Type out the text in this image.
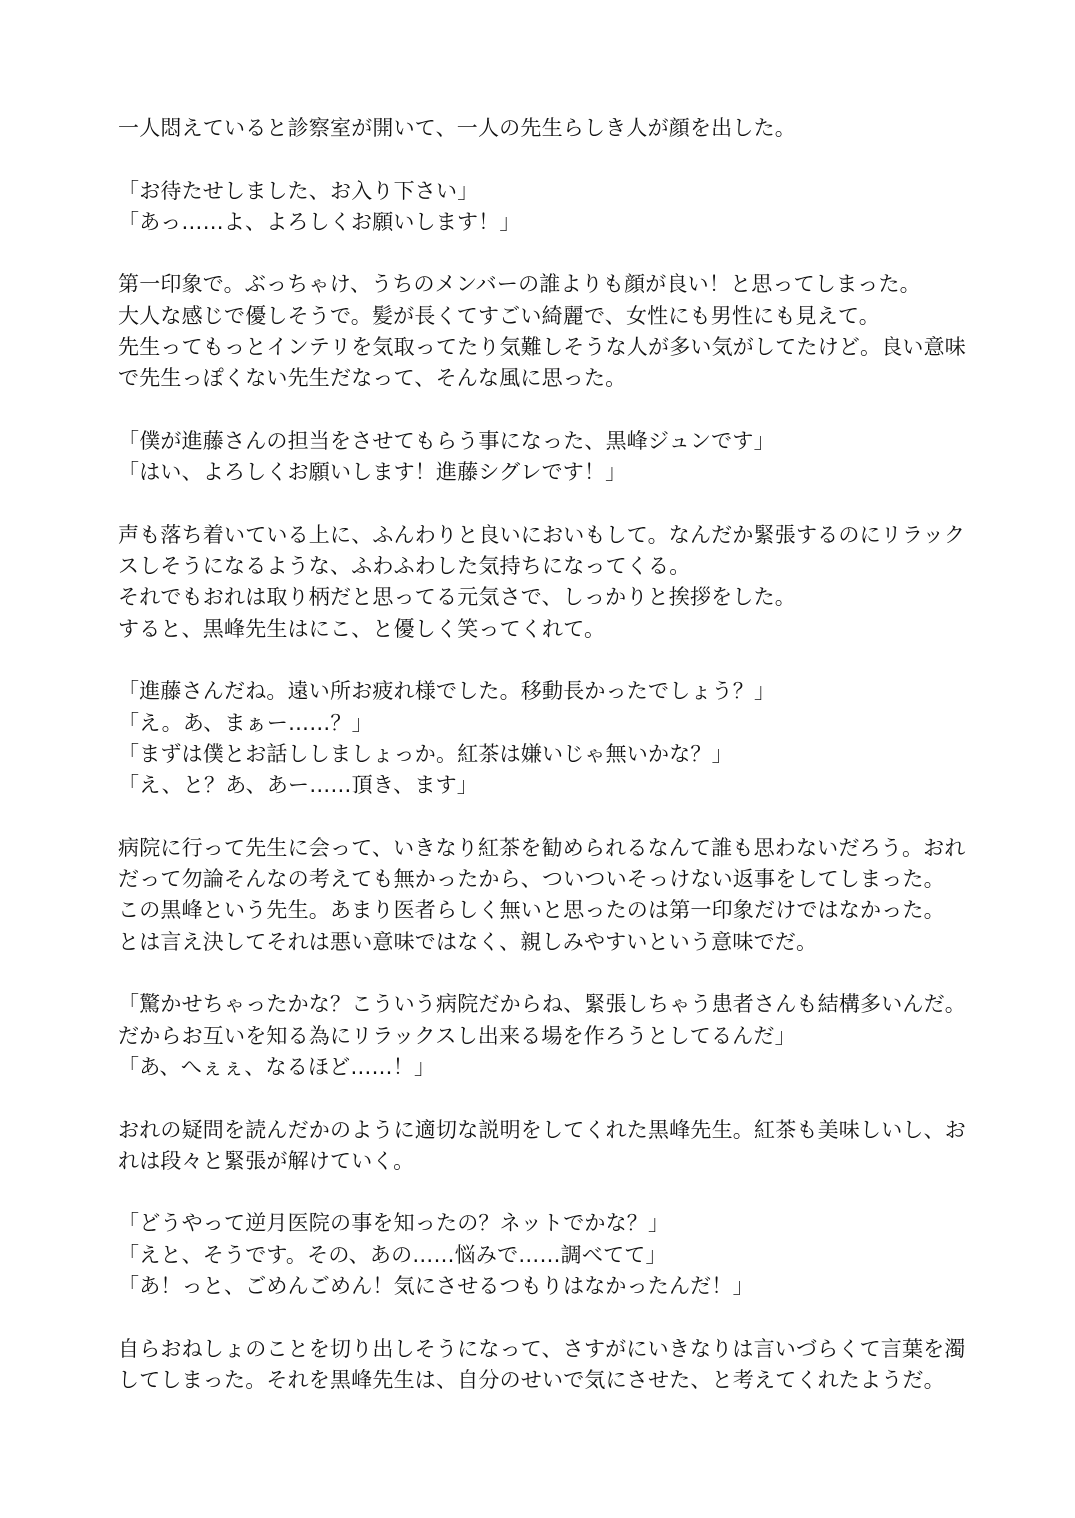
一人悶えていると診察室が開いて、一人の先生らしき人が顔を出した。
「お待たせしました、お入り下さい」
「あっ……よ、よろしくお願いします！」
第一印象で。ぶっちゃけ、うちのメンバーの誰よりも顔が良い！と思ってしまった。
大人な感じで優しそうで。髪が長くてすごい綺麗で、女性にも男性にも見えて。
先生ってもっとインテリを気取ってたり気難しそうな人が多い気がしてたけど。良い意味
で先生っぽくない先生だなって、そんな風に思った。
「僕が進藤さんの担当をさせてもらう事になった、黒峰ジュンです」
「はい、よろしくお願いします！進藤シグレです！」
声も落ち着いている上に、ふんわりと良いにおいもして。なんだか緊張するのにリラック
スしそうになるような、ふわふわした気持ちになってくる。
それでもおれは取り柄だと思ってる元気さで、しっかりと挨拶をした。
すると、黒峰先生はにこ、と優しく笑ってくれて。
「進藤さんだね。遠い所お疲れ様でした。移動長かったでしょう？」
「え。あ、まぁー……？」
「まずは僕とお話ししましょっか。紅茶は嫌いじゃ無いかな？」
「え、と？あ、あー……頂き、ます」
病院に行って先生に会って、いきなり紅茶を勧められるなんて誰も思わないだろう。おれ
だって勿論そんなの考えても無かったから、ついついそっけない返事をしてしまった。
この黒峰という先生。あまり医者らしく無いと思ったのは第一印象だけではなかった。
とは言え決してそれは悪い意味ではなく、親しみやすいという意味でだ。
「驚かせちゃったかな？こういう病院だからね、緊張しちゃう患者さんも結構多いんだ。
だからお互いを知る為にリラックスし出来る場を作ろうとしてるんだ」
「あ、へぇぇ、なるほど……！」
おれの疑問を読んだかのように適切な説明をしてくれた黒峰先生。紅茶も美味しいし、お
れは段々と緊張が解けていく。
「どうやって逆月医院の事を知ったの？ネットでかな？」
「えと、そうです。その、あの……悩みで……調べてて」
「あ！っと、ごめんごめん！気にさせるつもりはなかったんだ！」
自らおねしょのことを切り出しそうになって、さすがにいきなりは言いづらくて言葉を濁
してしまった。それを黒峰先生は、自分のせいで気にさせた、と考えてくれたようだ。
